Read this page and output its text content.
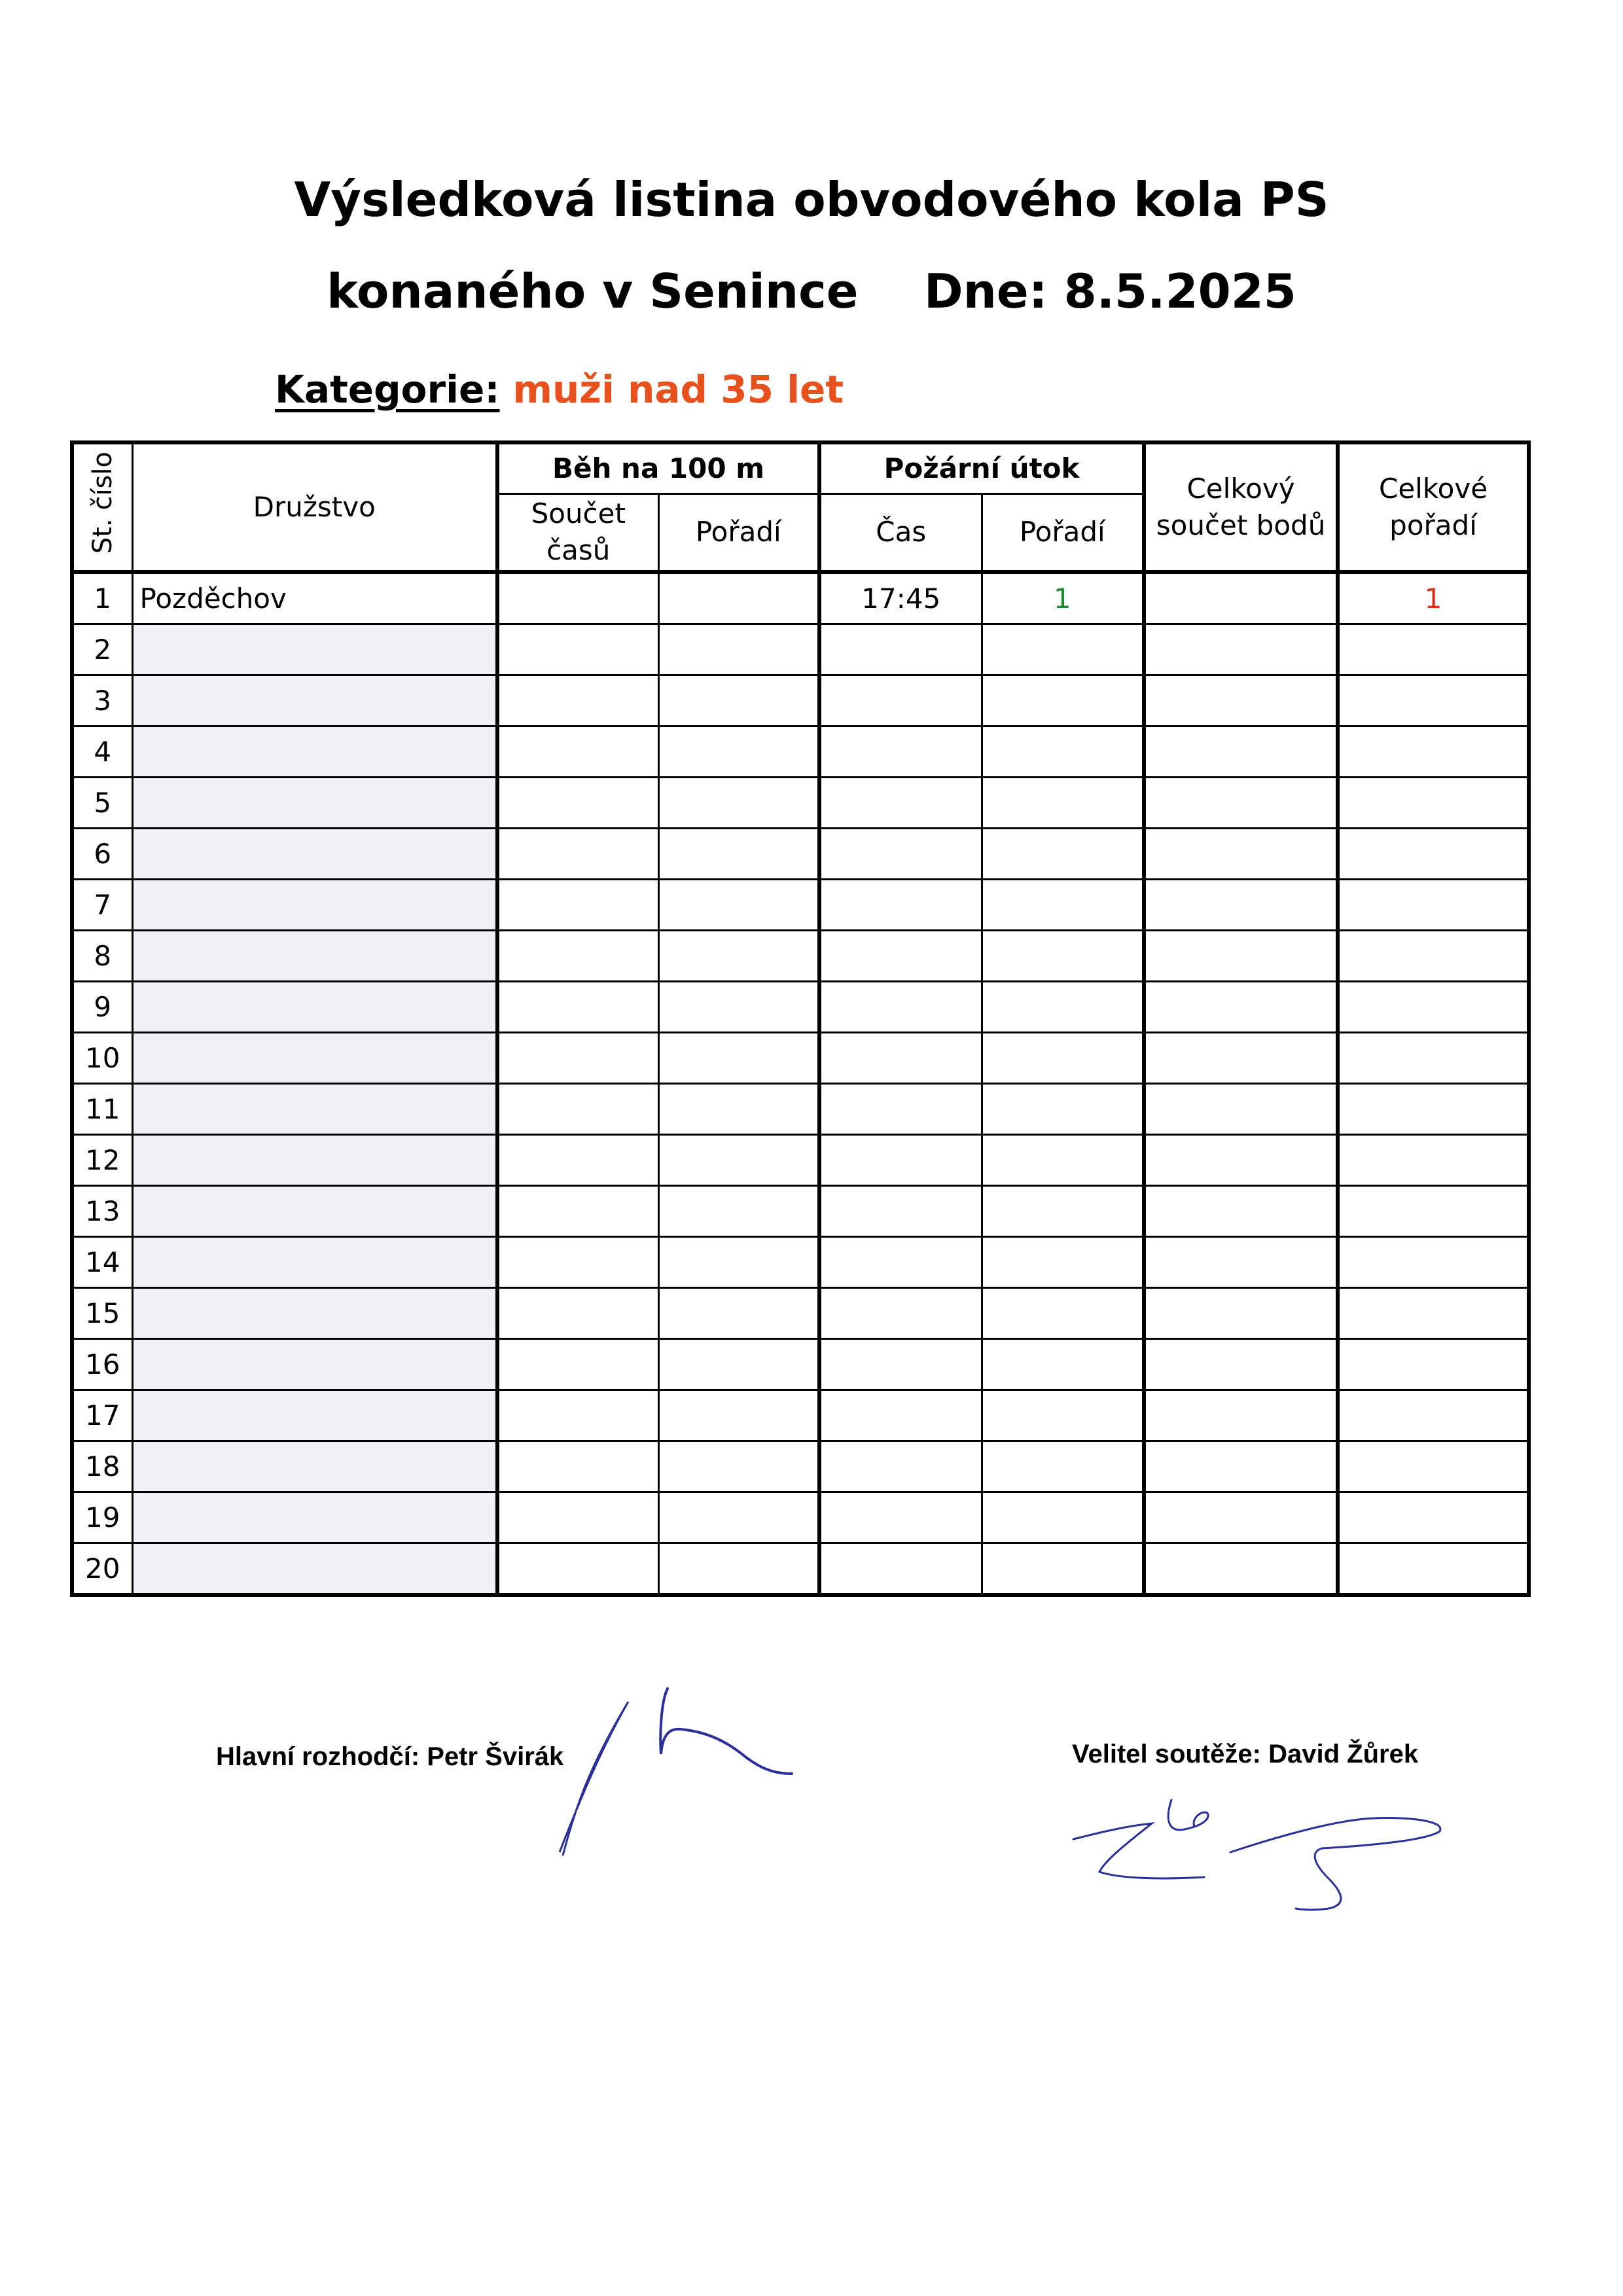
Výsledková listina obvodového kola PS
konaného v Senince    Dne: 8.5.2025
Kategorie: muži nad 35 let
St. číslo	Družstvo	Běh na 100 m		Požární útok		Celkový součet bodů	Celkové pořadí
		Součet časů	Pořadí	Čas	Pořadí		
1	Pozděchov			17:45	1		1
2							
3							
4							
5							
6							
7							
8							
9							
10							
11							
12							
13							
14							
15							
16							
17							
18							
19							
20							
Hlavní rozhodčí: Petr Švirák	Velitel soutěže: David Žůrek
